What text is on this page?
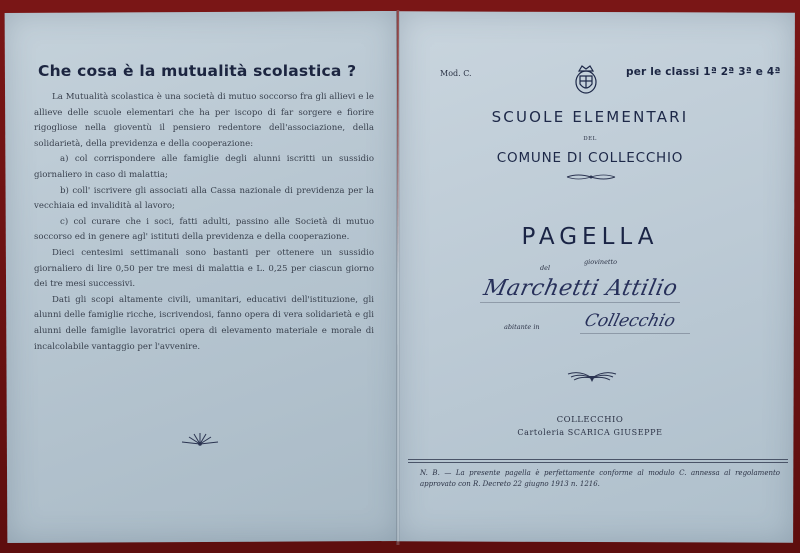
Che cosa è la mutualità scolastica ?

La Mutualità scolastica è una società di mutuo soccorso fra gli allievi e le allieve delle scuole elementari che ha per iscopo di far sorgere e fiorire rigogliose nella gioventù il pensiero redentore dell'associazione, della solidarietà, della previdenza e della cooperazione:

a) col corrispondere alle famiglie degli alunni iscritti un sussidio giornaliero in caso di malattia;

b) coll' iscrivere gli associati alla Cassa nazionale di previdenza per la vecchiaia ed invalidità al lavoro;

c) col curare che i soci, fatti adulti, passino alle Società di mutuo soccorso ed in genere agl' istituti della previdenza e della cooperazione.

Dieci centesimi settimanali sono bastanti per ottenere un sussidio giornaliero di lire 0,50 per tre mesi di malattia e L. 0,25 per ciascun giorno dei tre mesi successivi.

Dati gli scopi altamente civili, umanitari, educativi dell'istituzione, gli alunni delle famiglie ricche, iscrivendosi, fanno opera di vera solidarietà e gli alunni delle famiglie lavoratrici opera di elevamento materiale e morale di incalcolabile vantaggio per l'avvenire.

Mod. C.	per le classi 1ª 2ª 3ª e 4ª
SCUOLE ELEMENTARI
DEL
COMUNE DI COLLECCHIO
PAGELLA
del
giovinetto
Marchetti Attilio
abitante in	Collecchio
COLLECCHIO
Cartoleria SCARICA GIUSEPPE
N. B. — La presente pagella è perfettamente conforme al modulo C. annessa al regolamento approvato con R. Decreto 22 giugno 1913 n. 1216.
